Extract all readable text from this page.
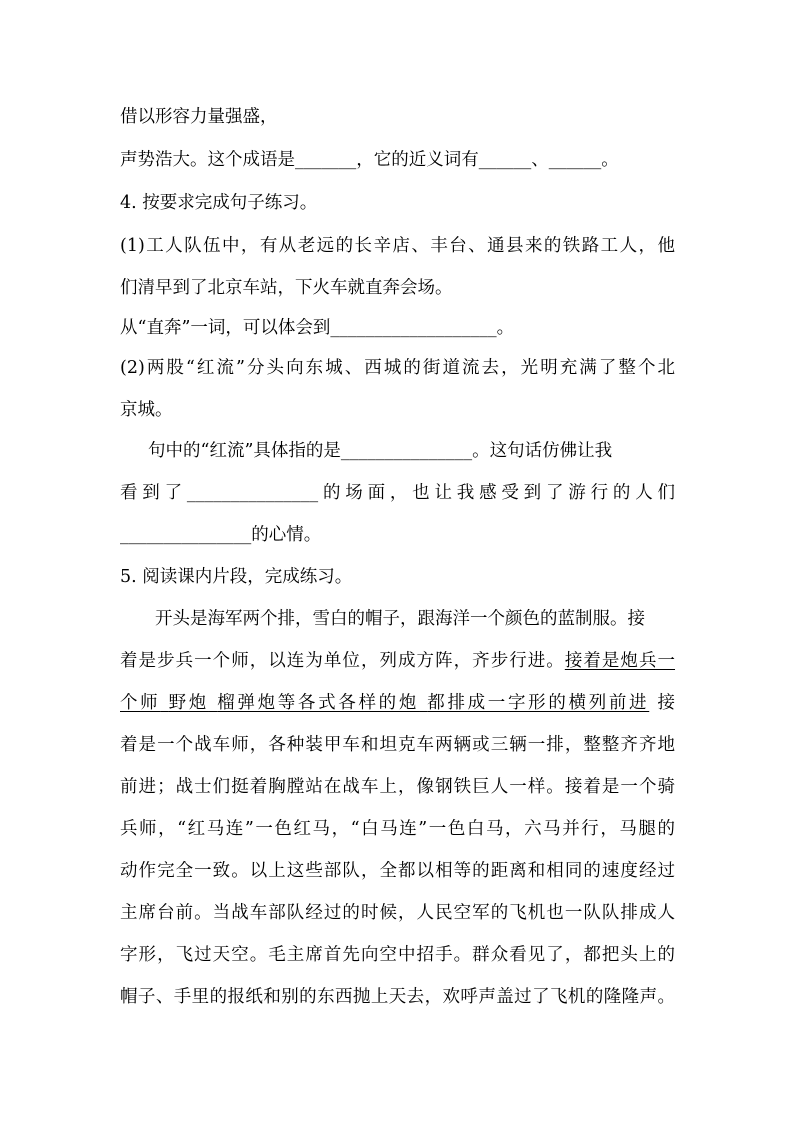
借以形容力量强盛，
声势浩大。这个成语是_______，它的近义词有______、______。
4. 按要求完成句子练习。
(1)工人队伍中，有从老远的长辛店、丰台、通县来的铁路工人，他
们清早到了北京车站，下火车就直奔会场。
从“直奔”一词，可以体会到___________________。
(2)两股“红流”分头向东城、西城的街道流去，光明充满了整个北
京城。
句中的“红流”具体指的是_______________。这句话仿佛让我
看到了_______________的场面，也让我感受到了游行的人们
_______________的心情。
5. 阅读课内片段，完成练习。
开头是海军两个排，雪白的帽子，跟海洋一个颜色的蓝制服。接
着是步兵一个师，以连为单位，列成方阵，齐步行进。接着是炮兵一
个师 野炮 榴弹炮等各式各样的炮 都排成一字形的横列前进 接
着是一个战车师，各种装甲车和坦克车两辆或三辆一排，整整齐齐地
前进；战士们挺着胸膛站在战车上，像钢铁巨人一样。接着是一个骑
兵师，“红马连”一色红马，“白马连”一色白马，六马并行，马腿的
动作完全一致。以上这些部队，全都以相等的距离和相同的速度经过
主席台前。当战车部队经过的时候，人民空军的飞机也一队队排成人
字形，飞过天空。毛主席首先向空中招手。群众看见了，都把头上的
帽子、手里的报纸和别的东西抛上天去，欢呼声盖过了飞机的隆隆声。
